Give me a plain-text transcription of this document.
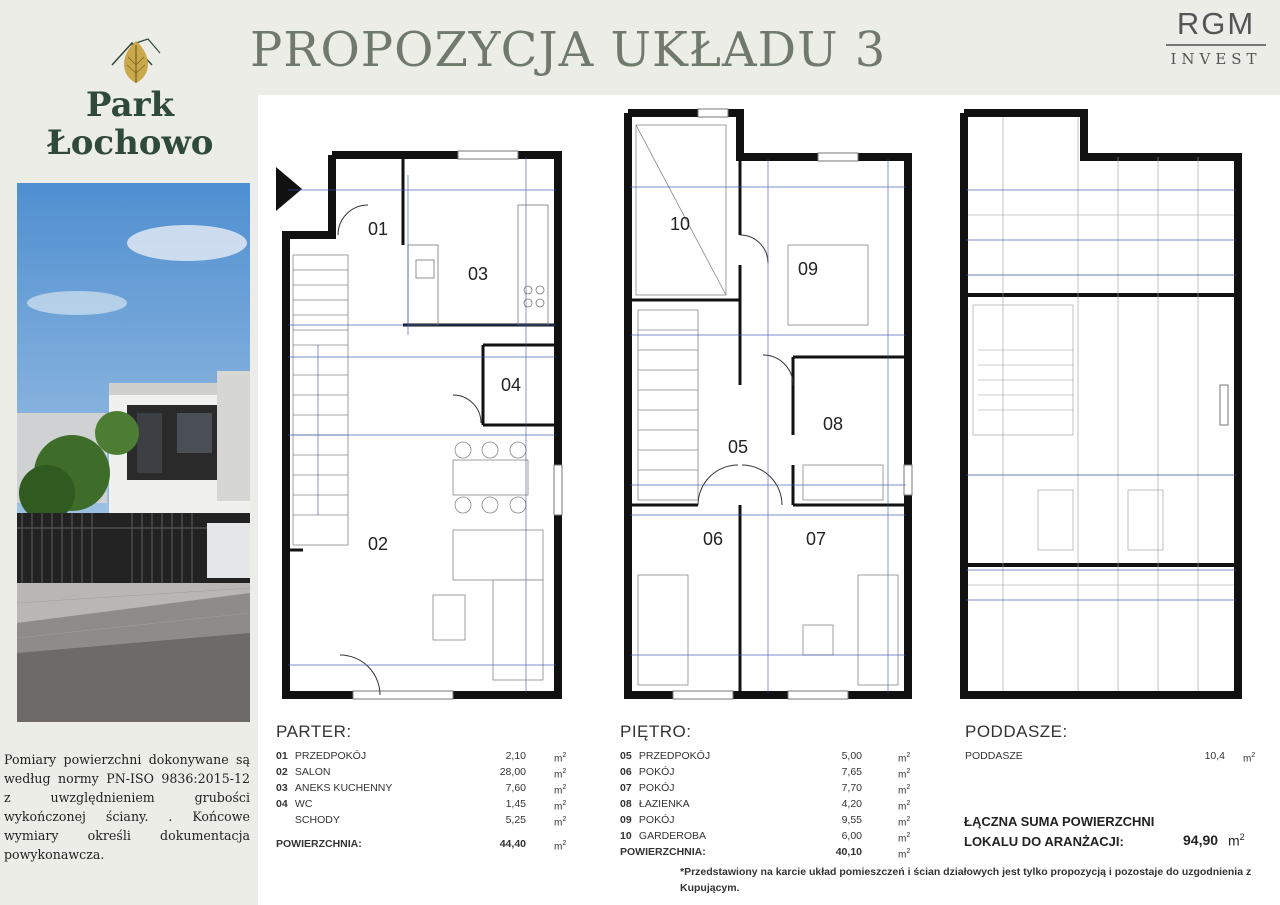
Park
Łochowo
Pomiary powierzchni dokonywane są według normy PN-ISO 9836:2015-12 z uwzględnieniem grubości wykończonej ściany. . Końcowe wymiary określi dokumentacja powykonawcza.
PROPOZYCJA UKŁADU 3	RGM
INVEST
01
02
03
04
10
09
05
08
06	07
PARTER:
01 PRZEDPOKÓJ	2,10	$m^2$
02 SALON	28,00	$m^2$
03 ANEKS KUCHENNY	7,60	$m^2$
04 WC	1,45	$m^2$
SCHODY	5,25	$m^2$
POWIERZCHNIA:	44,40	$m^2$
PIĘTRO:
05 PRZEDPOKÓJ	5,00	$m^2$
06 POKÓJ	7,65	$m^2$
07 POKÓJ	7,70	$m^2$
08 ŁAZIENKA	4,20	$m^2$
09 POKÓJ	9,55	$m^2$
10 GARDEROBA	6,00	$m^2$
POWIERZCHNIA:	40,10	$m^2$
PODDASZE:
PODDASZE	10,4 $m^2$
ŁĄCZNA SUMA POWIERZCHNI
LOKALU DO ARANŻACJI:	94,90 $m^2$
*Przedstawiony na karcie układ pomieszczeń i ścian działowych jest tylko propozycją i pozostaje do uzgodnienia z Kupującym.
